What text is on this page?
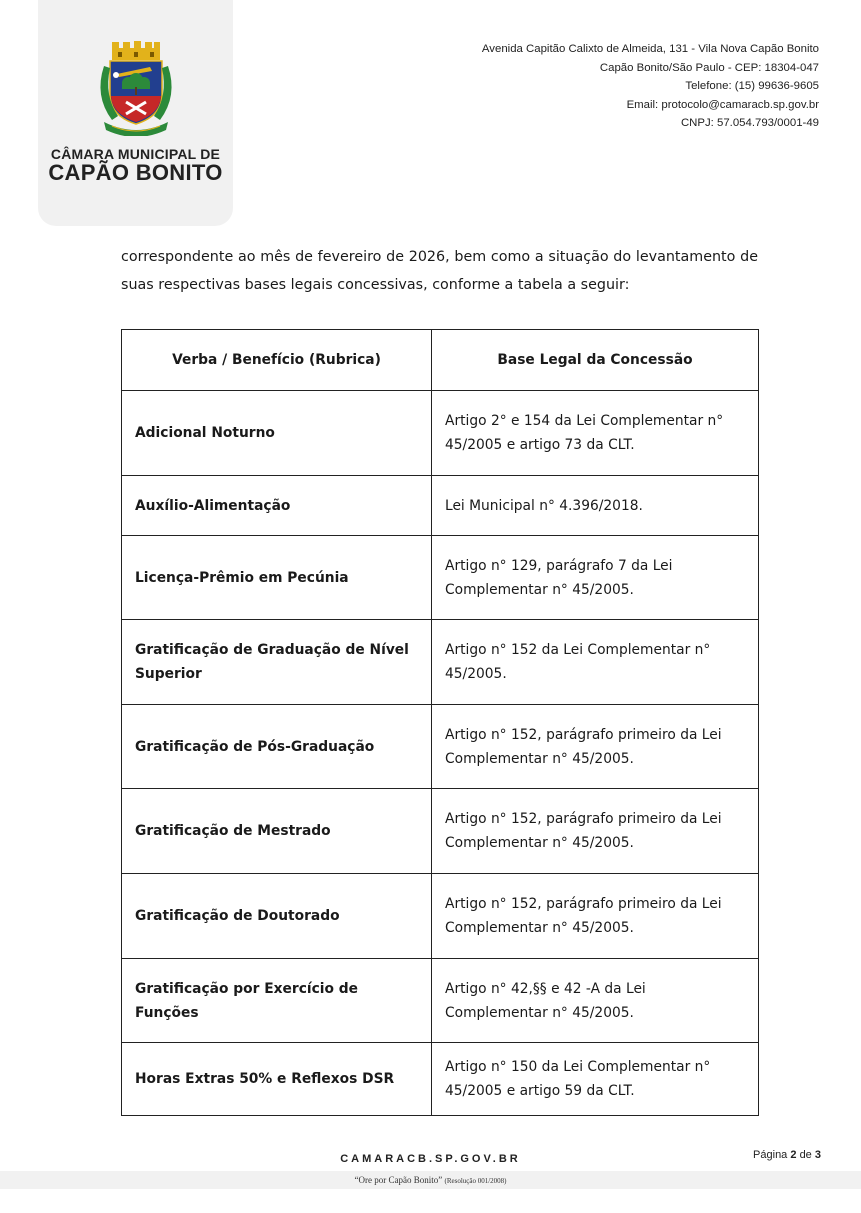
CÂMARA MUNICIPAL DE
CAPÃO BONITO
Avenida Capitão Calixto de Almeida, 131 - Vila Nova Capão Bonito
Capão Bonito/São Paulo - CEP: 18304-047
Telefone: (15) 99636-9605
Email: protocolo@camaracb.sp.gov.br
CNPJ: 57.054.793/0001-49
correspondente ao mês de fevereiro de 2026, bem como a situação do levantamento de
suas respectivas bases legais concessivas, conforme a tabela a seguir:
Verba / Benefício (Rubrica)	Base Legal da Concessão
Adicional Noturno	Artigo 2° e 154 da Lei Complementar n° 45/2005 e artigo 73 da CLT.
Auxílio-Alimentação	Lei Municipal n° 4.396/2018.
Licença-Prêmio em Pecúnia	Artigo n° 129, parágrafo 7 da Lei Complementar n° 45/2005.
Gratificação de Graduação de Nível Superior	Artigo n° 152 da Lei Complementar n° 45/2005.
Gratificação de Pós-Graduação	Artigo n° 152, parágrafo primeiro da Lei Complementar n° 45/2005.
Gratificação de Mestrado	Artigo n° 152, parágrafo primeiro da Lei Complementar n° 45/2005.
Gratificação de Doutorado	Artigo n° 152, parágrafo primeiro da Lei Complementar n° 45/2005.
Gratificação por Exercício de Funções	Artigo n° 42,§§ e 42 -A da Lei Complementar n° 45/2005.
Horas Extras 50% e Reflexos DSR	Artigo n° 150 da Lei Complementar n° 45/2005 e artigo 59 da CLT.
Página 2 de 3
CAMARACB.SP.GOV.BR
“Ore por Capão Bonito” (Resolução 001/2008)
